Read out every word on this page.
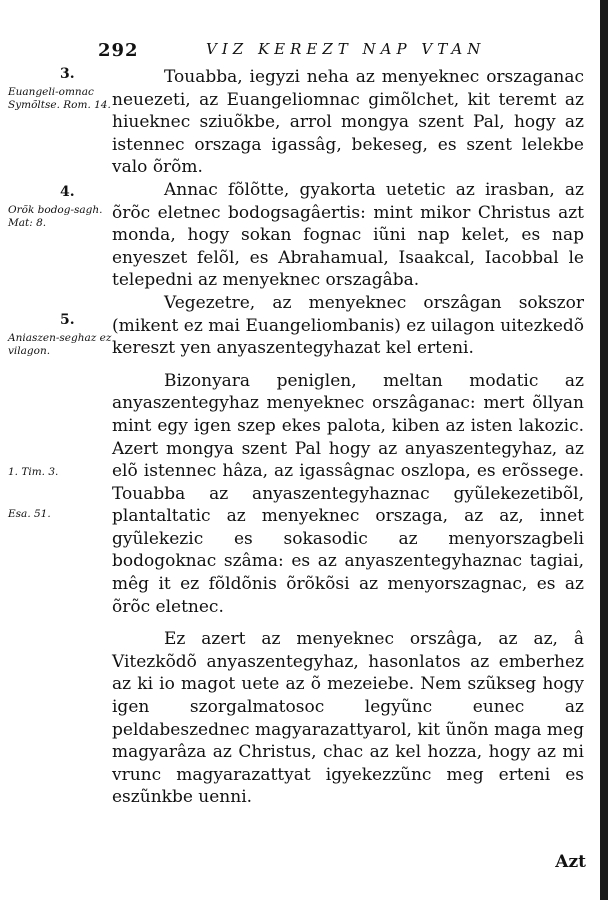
292	VIZ KEREZT NAP VTAN
3.
Euangeli-omnac Symõltse. Rom. 14.
4.
Orõk bodog-sagh. Mat: 8.
5.
Aniaszen-seghaz ez vilagon.
1. Tim. 3.
Esa. 51.

Touabba, iegyzi neha az menyeknec orszaganac neuezeti, az Euangeliomnac gimõlchet, kit teremt az hiueknec sziuõkbe, arrol mongya szent Pal, hogy az istennec orszaga igassâg, bekeseg, es szent lelekbe valo õrõm.

Annac fõlõtte, gyakorta uetetic az irasban, az õrõc eletnec bodogsagâertis: mint mikor Christus azt monda, hogy sokan fognac iũni nap kelet, es nap enyeszet felõl, es Abrahamual, Isaakcal, Iacobbal le telepedni az menyeknec orszagâba.

Vegezetre, az menyeknec orszâgan sokszor (mikent ez mai Euangeliombanis) ez uilagon uitezkedõ kereszt yen anyaszentegyhazat kel erteni.

Bizonyara peniglen, meltan modatic az anyaszentegyhaz menyeknec orszâganac: mert õllyan mint egy igen szep ekes palota, kiben az isten lakozic. Azert mongya szent Pal hogy az anyaszentegyhaz, az elõ istennec hâza, az igassâgnac oszlopa, es erõssege. Touabba az anyaszentegyhaznac gyũlekezetibõl, plantaltatic az menyeknec orszaga, az az, innet gyũlekezic es sokasodic az menyorszagbeli bodogoknac szâma: es az anyaszentegyhaznac tagiai, mêg it ez fõldõnis õrõkõsi az menyorszagnac, es az õrõc eletnec.

Ez azert az menyeknec orszâga, az az, â Vitezkõdõ anyaszentegyhaz, hasonlatos az emberhez az ki io magot uete az õ mezeiebe. Nem szũkseg hogy igen szorgalmatosoc legyũnc eunec az peldabeszednec magyarazattyarol, kit ũnõn maga meg magyarâza az Christus, chac az kel hozza, hogy az mi vrunc magyarazattyat igyekezzũnc meg erteni es eszũnkbe uenni.

Azt
